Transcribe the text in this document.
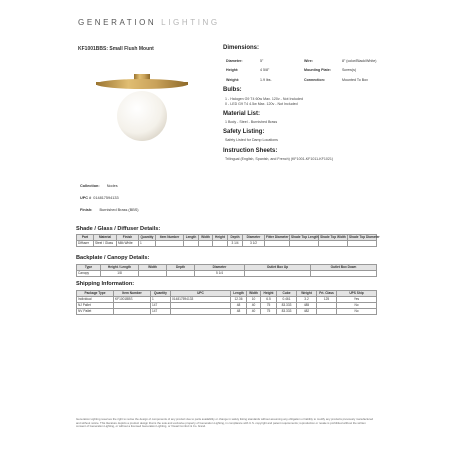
GENERATION LIGHTING
KF1001BBS: Small Flush Mount	Dimensions:
Diameter:	5"	Wire:	8" (color/Black/White)
Height:	4 5/8"	Mounting Plate:	Screw(s)
Weight:	1.9 lbs.	Connection:	Mounted To Box
Bulbs:
1 - Halogen G9 T4 60w Max. 120v - Not Included
0 - LED G9 T4 4.5w Max. 120v - Not Included
Material List:
1 Body - Steel - Burnished Brass
Safety Listing:
Safety Listed for Damp Locations
Instruction Sheets:
Trilingual (English, Spanish, and French) (KF1001-KF1011-KF1021)
Collection: Nodes
UPC # 014817594133
Finish: Burnished Brass (BBS)
Shade / Glass / Diffuser Details:
Part	Material	Finish	Quantity	Item Number	Length	Width	Height	Depth	Diameter	Fitter Diameter	Shade Top Length	Shade Top Width	Shade Top Diameter
Diffuser	Steel / Glass	Milk White	1					3 1/4	3 1/2				
Backplate / Canopy Details:
Type	Height / Length	Width	Depth	Diameter	Outlet Box Up	Outlet Box Down
Canopy	1/8			5 1/4		
Shipping Information:
Package Type	Item Number	Quantity	UPC	Length	Width	Height	Cube	Weight	Frt. Class	UPS Ship
Individual	KF1001BBS	1	014817594133	12.36	10	6.5	0.461	3.2	125	Yes
NJ Pallet		147		48	40	75	83.333	485		No
NV Pallet		147		48	40	75	83.333	482		No
Generation Lighting reserves the right to revise the design of components of any product due to parts availability or change in safety listing standards without assuming any obligation or liability to modify any products previously manufactured and without notice. This literature depicts a product design that is the sole and exclusive property of Generation Lighting, in compliance with U.S. copyright and patent requirements; reproduction or resale is prohibited without the written consent of Generation Lighting, or without a licensed Generation Lighting, or Visual Comfort & Co. brand.
